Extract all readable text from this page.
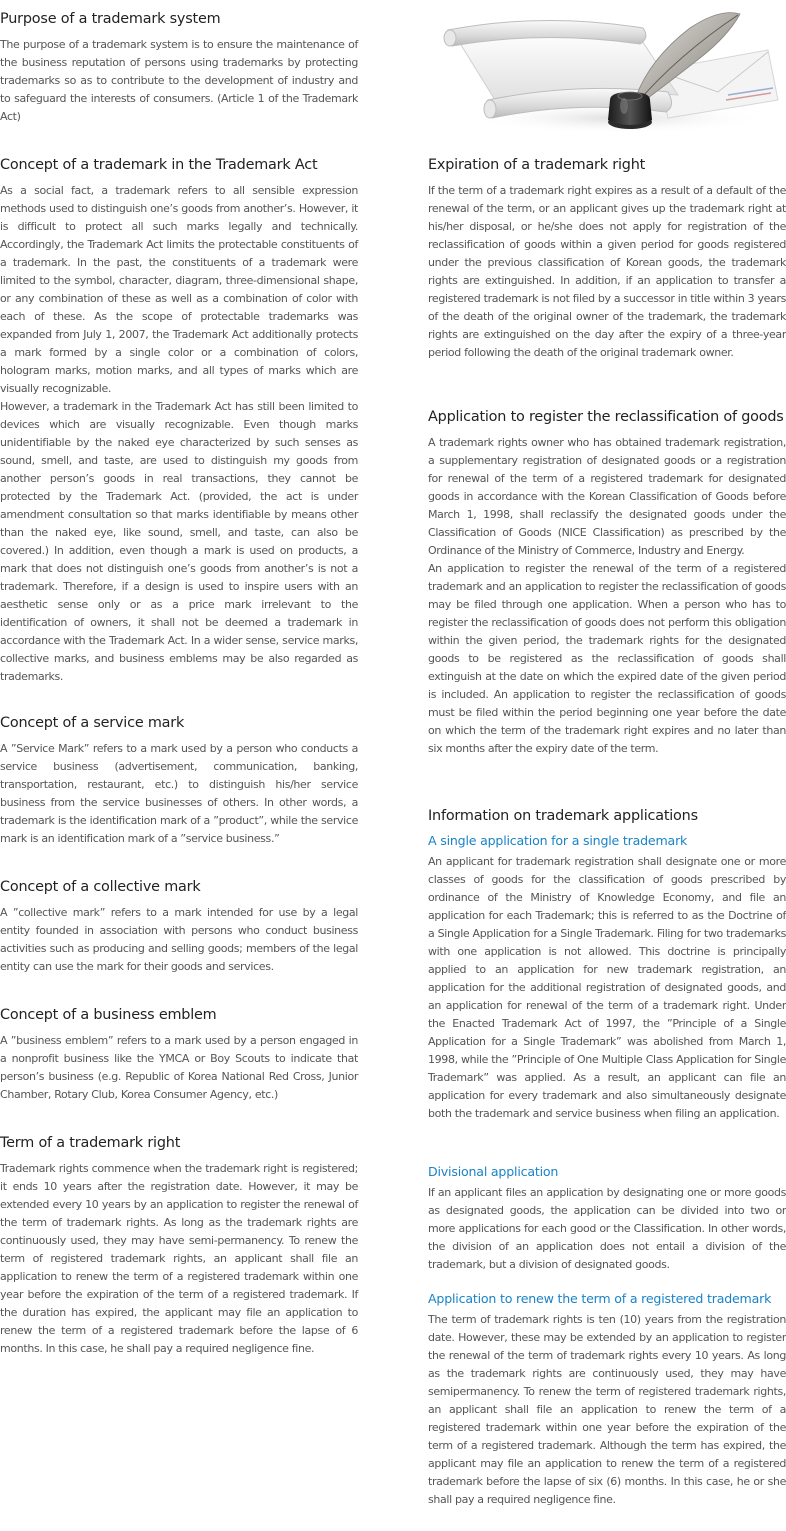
Purpose of a trademark system

The purpose of a trademark system is to ensure the maintenance of the business reputation of persons using trademarks by protecting trademarks so as to contribute to the development of industry and to safeguard the interests of consumers. (Article 1 of the Trademark Act)

Concept of a trademark in the Trademark Act

As a social fact, a trademark refers to all sensible expression methods used to distinguish one’s goods from another’s. However, it is difficult to protect all such marks legally and technically. Accordingly, the Trademark Act limits the protectable constituents of a trademark. In the past, the constituents of a trademark were limited to the symbol, character, diagram, three-dimensional shape, or any combination of these as well as a combination of color with each of these. As the scope of protectable trademarks was expanded from July 1, 2007, the Trademark Act additionally protects a mark formed by a single color or a combination of colors, hologram marks, motion marks, and all types of marks which are visually recognizable.

However, a trademark in the Trademark Act has still been limited to devices which are visually recognizable. Even though marks unidentifiable by the naked eye characterized by such senses as sound, smell, and taste, are used to distinguish my goods from another person’s goods in real transactions, they cannot be protected by the Trademark Act. (provided, the act is under amendment consultation so that marks identifiable by means other than the naked eye, like sound, smell, and taste, can also be covered.) In addition, even though a mark is used on products, a mark that does not distinguish one’s goods from another’s is not a trademark. Therefore, if a design is used to inspire users with an aesthetic sense only or as a price mark irrelevant to the identification of owners, it shall not be deemed a trademark in accordance with the Trademark Act. In a wider sense, service marks, collective marks, and business emblems may be also regarded as trademarks.

Concept of a service mark

A ”Service Mark” refers to a mark used by a person who conducts a service business (advertisement, communication, banking, transportation, restaurant, etc.) to distinguish his/her service business from the service businesses of others. In other words, a trademark is the identification mark of a ”product”, while the service mark is an identification mark of a ”service business.”

Concept of a collective mark

A ”collective mark” refers to a mark intended for use by a legal entity founded in association with persons who conduct business activities such as producing and selling goods; members of the legal entity can use the mark for their goods and services.

Concept of a business emblem

A ”business emblem” refers to a mark used by a person engaged in a nonprofit business like the YMCA or Boy Scouts to indicate that person’s business (e.g. Republic of Korea National Red Cross, Junior Chamber, Rotary Club, Korea Consumer Agency, etc.)

Term of a trademark right

Trademark rights commence when the trademark right is registered; it ends 10 years after the registration date. However, it may be extended every 10 years by an application to register the renewal of the term of trademark rights. As long as the trademark rights are continuously used, they may have semi-permanency. To renew the term of registered trademark rights, an applicant shall file an application to renew the term of a registered trademark within one year before the expiration of the term of a registered trademark. If the duration has expired, the applicant may file an application to renew the term of a registered trademark before the lapse of 6 months. In this case, he shall pay a required negligence fine.

Expiration of a trademark right

If the term of a trademark right expires as a result of a default of the renewal of the term, or an applicant gives up the trademark right at his/her disposal, or he/she does not apply for registration of the reclassification of goods within a given period for goods registered under the previous classification of Korean goods, the trademark rights are extinguished. In addition, if an application to transfer a registered trademark is not filed by a successor in title within 3 years of the death of the original owner of the trademark, the trademark rights are extinguished on the day after the expiry of a three-year period following the death of the original trademark owner.

Application to register the reclassification of goods

A trademark rights owner who has obtained trademark registration, a supplementary registration of designated goods or a registration for renewal of the term of a registered trademark for designated goods in accordance with the Korean Classification of Goods before March 1, 1998, shall reclassify the designated goods under the Classification of Goods (NICE Classification) as prescribed by the Ordinance of the Ministry of Commerce, Industry and Energy.

An application to register the renewal of the term of a registered trademark and an application to register the reclassification of goods may be filed through one application. When a person who has to register the reclassification of goods does not perform this obligation within the given period, the trademark rights for the designated goods to be registered as the reclassification of goods shall extinguish at the date on which the expired date of the given period is included. An application to register the reclassification of goods must be filed within the period beginning one year before the date on which the term of the trademark right expires and no later than six months after the expiry date of the term.

Information on trademark applications
A single application for a single trademark

An applicant for trademark registration shall designate one or more classes of goods for the classification of goods prescribed by ordinance of the Ministry of Knowledge Economy, and file an application for each Trademark; this is referred to as the Doctrine of a Single Application for a Single Trademark. Filing for two trademarks with one application is not allowed. This doctrine is principally applied to an application for new trademark registration, an application for the additional registration of designated goods, and an application for renewal of the term of a trademark right. Under the Enacted Trademark Act of 1997, the ”Principle of a Single Application for a Single Trademark” was abolished from March 1, 1998, while the ”Principle of One Multiple Class Application for Single Trademark” was applied. As a result, an applicant can file an application for every trademark and also simultaneously designate both the trademark and service business when filing an application.

Divisional application

If an applicant files an application by designating one or more goods as designated goods, the application can be divided into two or more applications for each good or the Classification. In other words, the division of an application does not entail a division of the trademark, but a division of designated goods.

Application to renew the term of a registered trademark

The term of trademark rights is ten (10) years from the registration date. However, these may be extended by an application to register the renewal of the term of trademark rights every 10 years. As long as the trademark rights are continuously used, they may have semipermanency. To renew the term of registered trademark rights, an applicant shall file an application to renew the term of a registered trademark within one year before the expiration of the term of a registered trademark. Although the term has expired, the applicant may file an application to renew the term of a registered trademark before the lapse of six (6) months. In this case, he or she shall pay a required negligence fine.
